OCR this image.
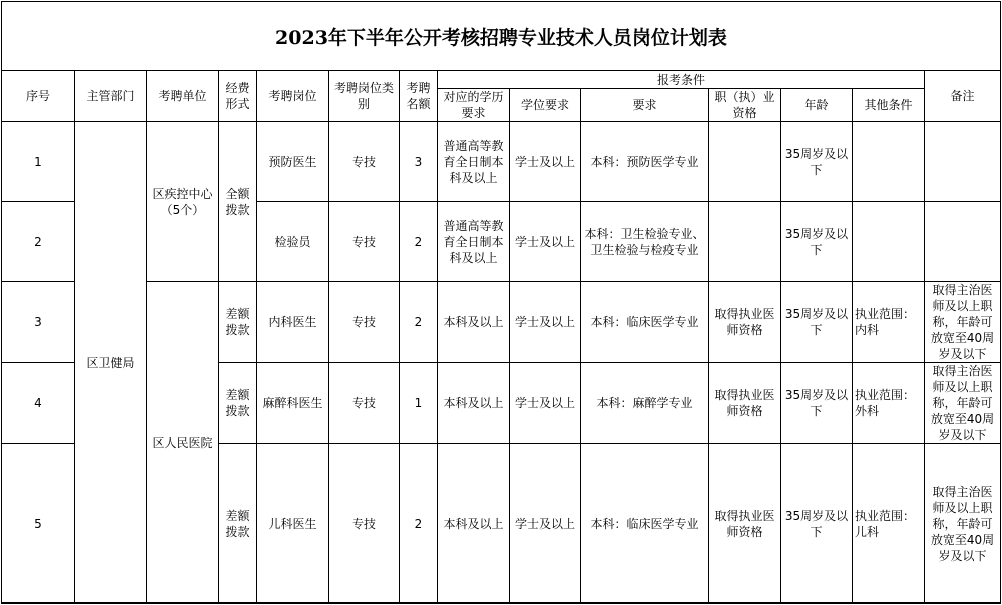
2023年下半年公开考核招聘专业技术人员岗位计划表
序号	主管部门	考聘单位	经费形式	考聘岗位	考聘岗位类别	考聘名额	报考条件						备注
							对应的学历要求	学位要求	要求	职（执）业资格	年龄	其他条件	
1	区卫健局	区疾控中心（5个）	全额拨款	预防医生	专技	3	普通高等教育全日制本科及以上	学士及以上	本科：预防医学专业		35周岁及以下		
2				检验员	专技	2	普通高等教育全日制本科及以上	学士及以上	本科：卫生检验专业、卫生检验与检疫专业		35周岁及以下		
3		区人民医院	差额拨款	内科医生	专技	2	本科及以上	学士及以上	本科：临床医学专业	取得执业医师资格	35周岁及以下	执业范围：内科	取得主治医师及以上职称，年龄可放宽至40周岁及以下
4			差额拨款	麻醉科医生	专技	1	本科及以上	学士及以上	本科：麻醉学专业	取得执业医师资格	35周岁及以下	执业范围：外科	取得主治医师及以上职称，年龄可放宽至40周岁及以下
5			差额拨款	儿科医生	专技	2	本科及以上	学士及以上	本科：临床医学专业	取得执业医师资格	35周岁及以下	执业范围：儿科	取得主治医师及以上职称，年龄可放宽至40周岁及以下
